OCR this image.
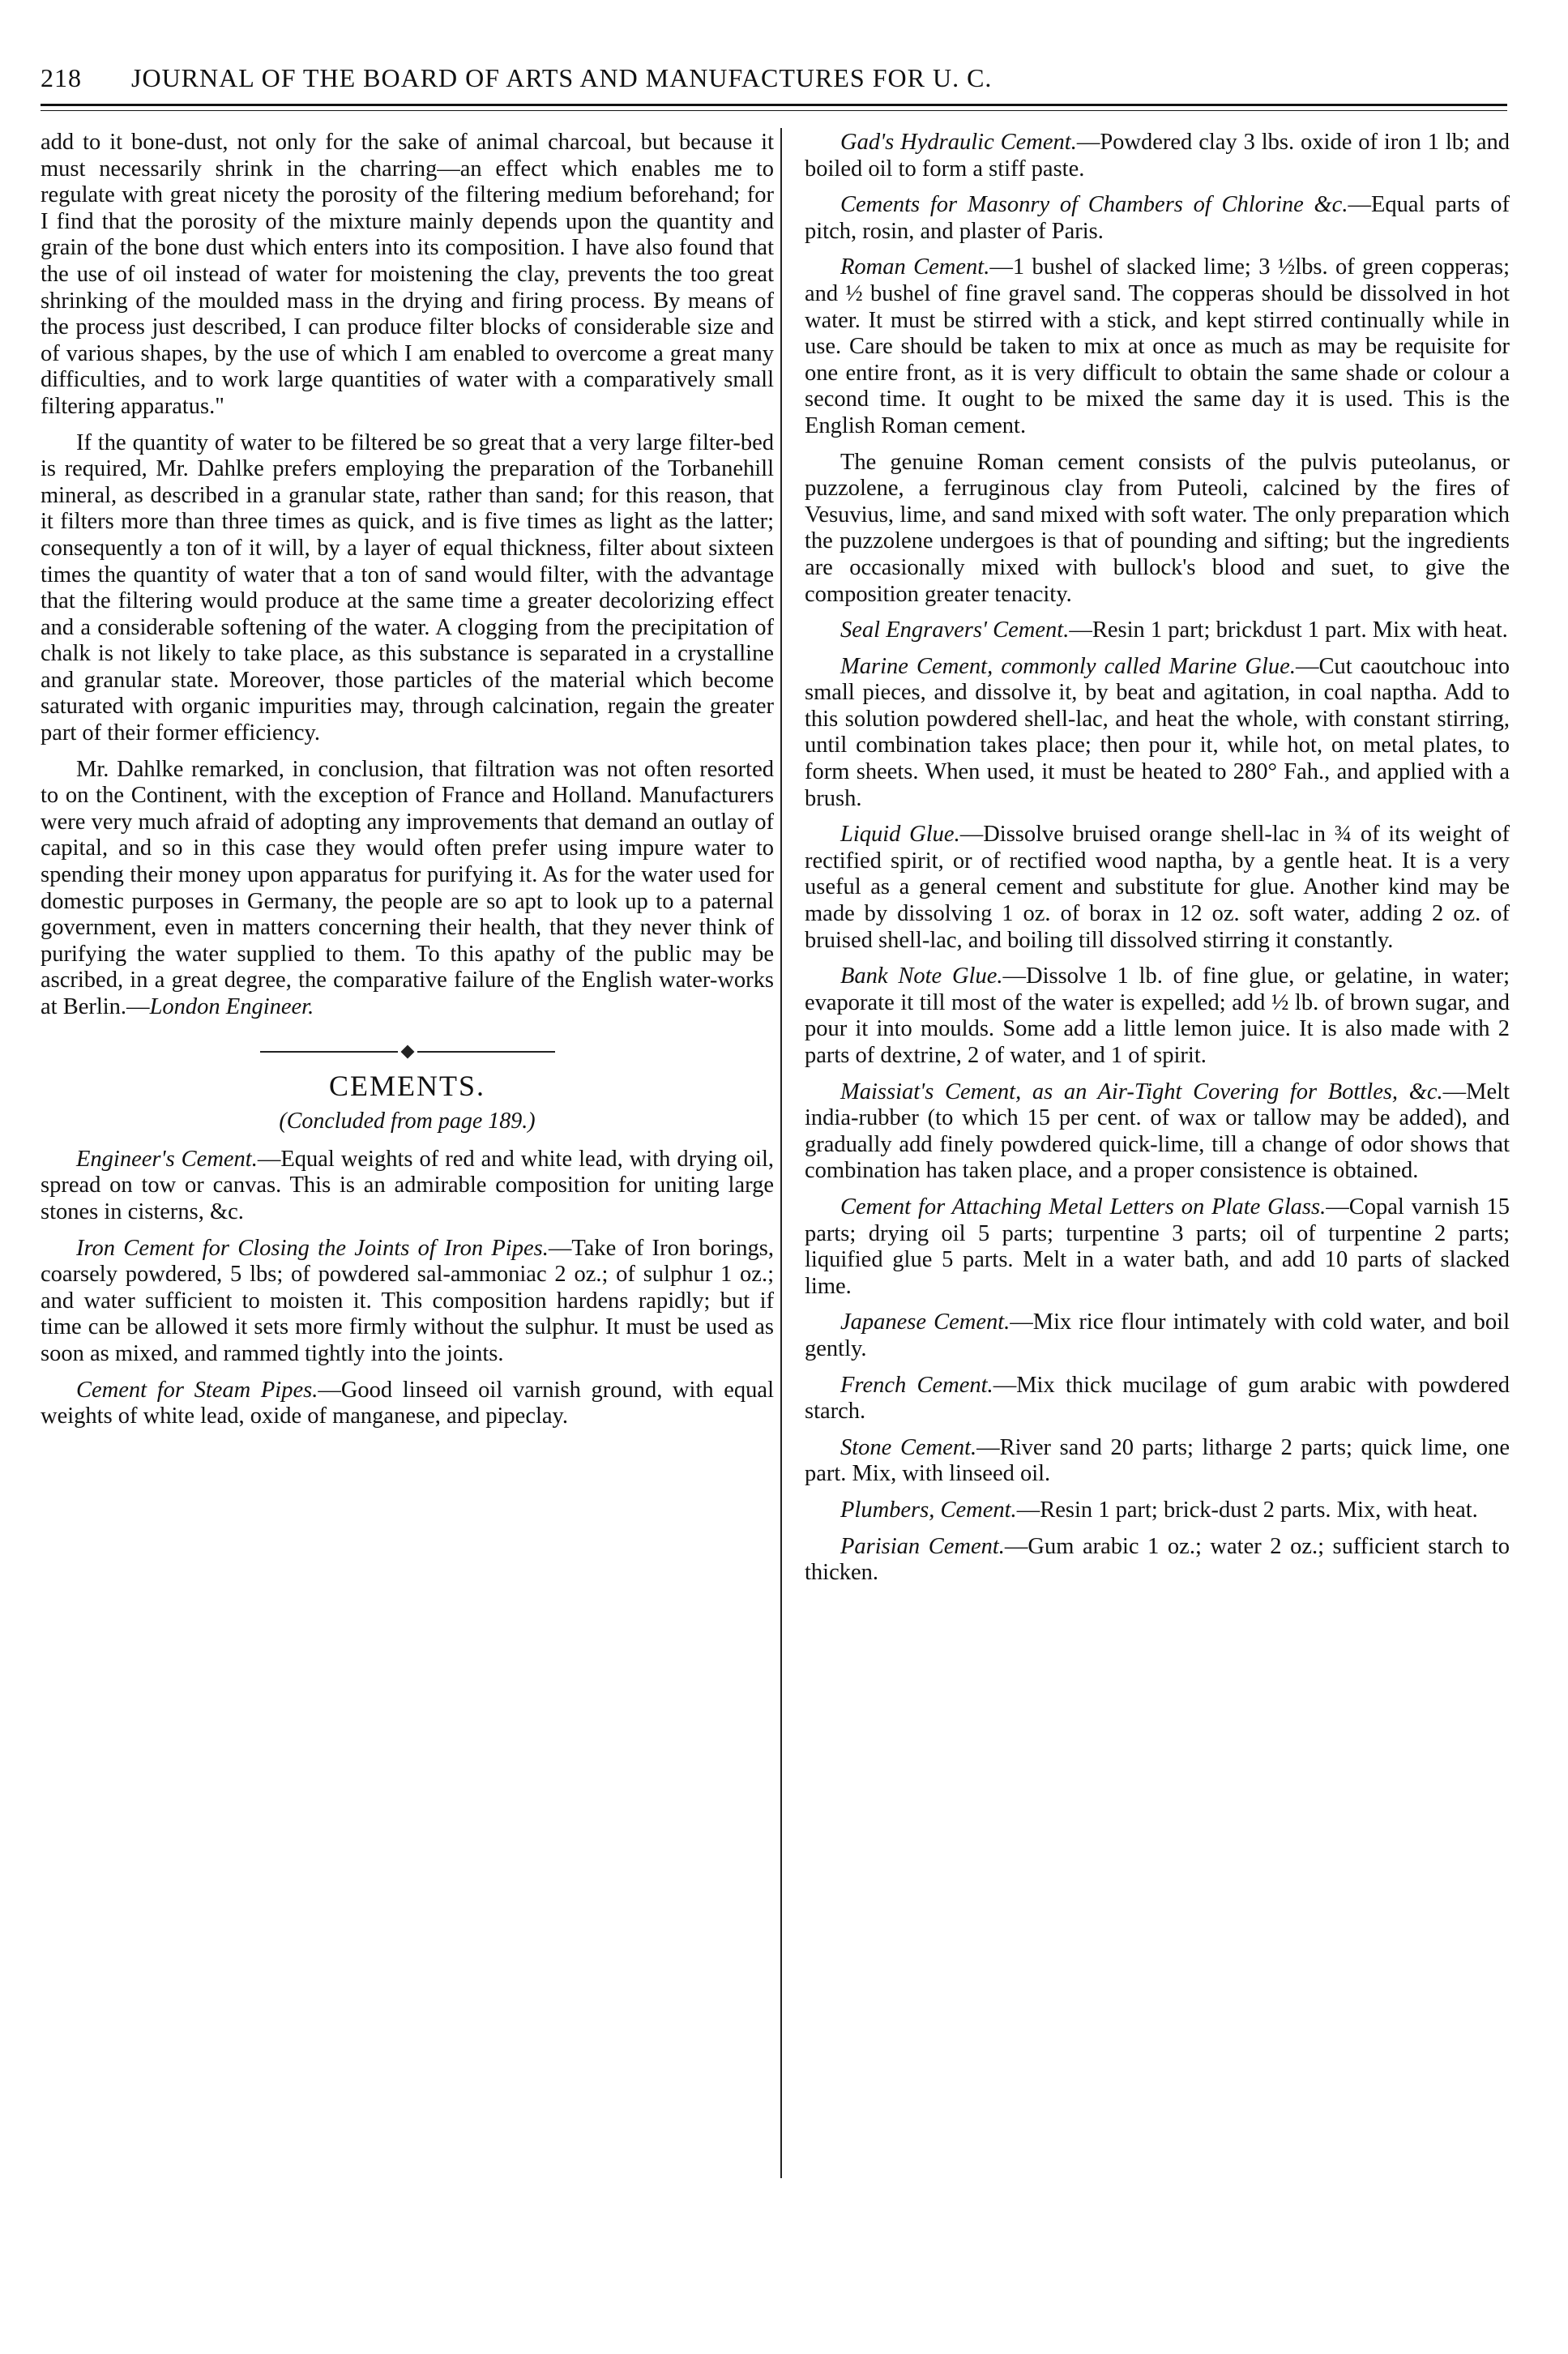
218 JOURNAL OF THE BOARD OF ARTS AND MANUFACTURES FOR U. C.

add to it bone-dust, not only for the sake of animal charcoal, but because it must necessarily shrink in the charring—an effect which enables me to regulate with great nicety the porosity of the filtering medium beforehand; for I find that the porosity of the mixture mainly depends upon the quantity and grain of the bone dust which enters into its composition. I have also found that the use of oil instead of water for moistening the clay, prevents the too great shrinking of the moulded mass in the drying and firing process. By means of the process just described, I can produce filter blocks of considerable size and of various shapes, by the use of which I am enabled to overcome a great many difficulties, and to work large quantities of water with a comparatively small filtering apparatus."

If the quantity of water to be filtered be so great that a very large filter-bed is required, Mr. Dahlke prefers employing the preparation of the Torbanehill mineral, as described in a granular state, rather than sand; for this reason, that it filters more than three times as quick, and is five times as light as the latter; consequently a ton of it will, by a layer of equal thickness, filter about sixteen times the quantity of water that a ton of sand would filter, with the advantage that the filtering would produce at the same time a greater decolorizing effect and a considerable softening of the water. A clogging from the precipitation of chalk is not likely to take place, as this substance is separated in a crystalline and granular state. Moreover, those particles of the material which become saturated with organic impurities may, through calcination, regain the greater part of their former efficiency.

Mr. Dahlke remarked, in conclusion, that filtration was not often resorted to on the Continent, with the exception of France and Holland. Manufacturers were very much afraid of adopting any improvements that demand an outlay of capital, and so in this case they would often prefer using impure water to spending their money upon apparatus for purifying it. As for the water used for domestic purposes in Germany, the people are so apt to look up to a paternal government, even in matters concerning their health, that they never think of purifying the water supplied to them. To this apathy of the public may be ascribed, in a great degree, the comparative failure of the English water-works at Berlin.—London Engineer.

CEMENTS.
(Concluded from page 189.)

Engineer's Cement.—Equal weights of red and white lead, with drying oil, spread on tow or canvas. This is an admirable composition for uniting large stones in cisterns, &c.

Iron Cement for Closing the Joints of Iron Pipes.—Take of Iron borings, coarsely powdered, 5 lbs; of powdered sal-ammoniac 2 oz.; of sulphur 1 oz.; and water sufficient to moisten it. This composition hardens rapidly; but if time can be allowed it sets more firmly without the sulphur. It must be used as soon as mixed, and rammed tightly into the joints.

Cement for Steam Pipes.—Good linseed oil varnish ground, with equal weights of white lead, oxide of manganese, and pipeclay.

Gad's Hydraulic Cement.—Powdered clay 3 lbs. oxide of iron 1 lb; and boiled oil to form a stiff paste.

Cements for Masonry of Chambers of Chlorine &c.—Equal parts of pitch, rosin, and plaster of Paris.

Roman Cement.—1 bushel of slacked lime; 3 ½lbs. of green copperas; and ½ bushel of fine gravel sand. The copperas should be dissolved in hot water. It must be stirred with a stick, and kept stirred continually while in use. Care should be taken to mix at once as much as may be requisite for one entire front, as it is very difficult to obtain the same shade or colour a second time. It ought to be mixed the same day it is used. This is the English Roman cement.

The genuine Roman cement consists of the pulvis puteolanus, or puzzolene, a ferruginous clay from Puteoli, calcined by the fires of Vesuvius, lime, and sand mixed with soft water. The only preparation which the puzzolene undergoes is that of pounding and sifting; but the ingredients are occasionally mixed with bullock's blood and suet, to give the composition greater tenacity.

Seal Engravers' Cement.—Resin 1 part; brickdust 1 part. Mix with heat.

Marine Cement, commonly called Marine Glue.—Cut caoutchouc into small pieces, and dissolve it, by beat and agitation, in coal naptha. Add to this solution powdered shell-lac, and heat the whole, with constant stirring, until combination takes place; then pour it, while hot, on metal plates, to form sheets. When used, it must be heated to 280° Fah., and applied with a brush.

Liquid Glue.—Dissolve bruised orange shell-lac in ¾ of its weight of rectified spirit, or of rectified wood naptha, by a gentle heat. It is a very useful as a general cement and substitute for glue. Another kind may be made by dissolving 1 oz. of borax in 12 oz. soft water, adding 2 oz. of bruised shell-lac, and boiling till dissolved stirring it constantly.

Bank Note Glue.—Dissolve 1 lb. of fine glue, or gelatine, in water; evaporate it till most of the water is expelled; add ½ lb. of brown sugar, and pour it into moulds. Some add a little lemon juice. It is also made with 2 parts of dextrine, 2 of water, and 1 of spirit.

Maissiat's Cement, as an Air-Tight Covering for Bottles, &c.—Melt india-rubber (to which 15 per cent. of wax or tallow may be added), and gradually add finely powdered quick-lime, till a change of odor shows that combination has taken place, and a proper consistence is obtained.

Cement for Attaching Metal Letters on Plate Glass.—Copal varnish 15 parts; drying oil 5 parts; turpentine 3 parts; oil of turpentine 2 parts; liquified glue 5 parts. Melt in a water bath, and add 10 parts of slacked lime.

Japanese Cement.—Mix rice flour intimately with cold water, and boil gently.

French Cement.—Mix thick mucilage of gum arabic with powdered starch.

Stone Cement.—River sand 20 parts; litharge 2 parts; quick lime, one part. Mix, with linseed oil.

Plumbers, Cement.—Resin 1 part; brick-dust 2 parts. Mix, with heat.

Parisian Cement.—Gum arabic 1 oz.; water 2 oz.; sufficient starch to thicken.
